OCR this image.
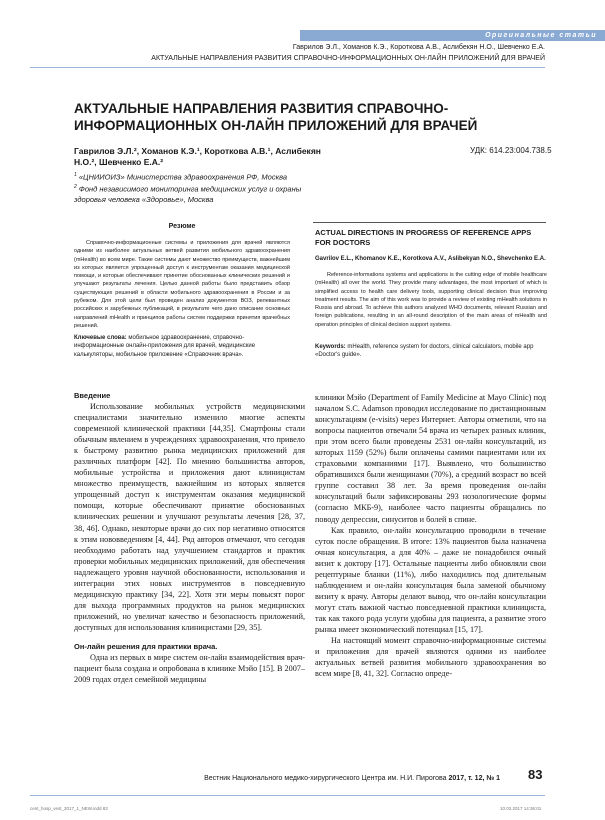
Оригинальные статьи
Гаврилов Э.Л., Хоманов К.Э., Короткова А.В., Аслибекян Н.О., Шевченко Е.А.
АКТУАЛЬНЫЕ НАПРАВЛЕНИЯ РАЗВИТИЯ СПРАВОЧНО-ИНФОРМАЦИОННЫХ ОН-ЛАЙН ПРИЛОЖЕНИЙ ДЛЯ ВРАЧЕЙ
АКТУАЛЬНЫЕ НАПРАВЛЕНИЯ РАЗВИТИЯ СПРАВОЧНО-ИНФОРМАЦИОННЫХ ОН-ЛАЙН ПРИЛОЖЕНИЙ ДЛЯ ВРАЧЕЙ
Гаврилов Э.Л.², Хоманов К.Э.¹, Короткова А.В.¹, Аслибекян Н.О.², Шевченко Е.А.²
УДК: 614.23:004.738.5
$^1$ «ЦНИИОИЗ» Министерства здравоохранения РФ, Москва
$^2$ Фонд независимого мониторинга медицинских услуг и охраны здоровья человека «Здоровье», Москва
Резюме

Справочно-информационные системы и приложения для врачей являются одними из наиболее актуальных ветвей развития мобильного здравоохранения (mHealth) во всем мире. Такие системы дают множество преимуществ, важнейшим из которых является упрощенный доступ к инструментам оказания медицинской помощи, и которые обеспечивают принятие обоснованных клинических решений и улучшают результаты лечения. Целью данной работы было представить обзор существующих решений в области мобильного здравоохранения в России и за рубежом. Для этой цели был проведен анализ документов ВОЗ, релевантных российских и зарубежных публикаций, в результате чего дано описание основных направлений mHealth и принципов работы систем поддержки принятия врачебных решений.

Ключевые слова: мобильное здравоохранение, справочно-информационные онлайн-приложения для врачей, медицинские калькуляторы, мобильное приложение «Справочник врача».
ACTUAL DIRECTIONS IN PROGRESS OF REFERENCE APPS FOR DOCTORS
Gavrilov E.L., Khomanov K.E., Korotkova A.V., Aslibekyan N.O., Shevchenko E.A.

Reference-informations systems and applications is the cutting edge of mobile healthcare (mHealth) all over the world. They provide many advantages, the most important of which is simplified access to health care delivery tools, supporting clinical decision thus improving treatment results. The aim of this work was to provide a review of existing mHealth solutions in Russia and abroad. To achieve this authors analyzed WHO documents, relevant Russian and foreign publications, resulting in an all-round description of the main areas of mHealth and operation principles of clinical decision support systems.

Keywords: mHealth, reference system for doctors, clinical calculators, mobile app «Doctor's guide».
Введение

Использование мобильных устройств медицинскими специалистами значительно изменило многие аспекты современной клинической практики [44,35]. Смартфоны стали обычным явлением в учреждениях здравоохранения, что привело к быстрому развитию рынка медицинских приложений для различных платформ [42]. По мнению большинства авторов, мобильные устройства и приложения дают клиницистам множество преимуществ, важнейшим из которых является упрощенный доступ к инструментам оказания медицинской помощи, которые обеспечивают принятие обоснованных клинических решении и улучшают результаты лечения [28, 37, 38, 46]. Однако, некоторые врачи до сих пор негативно относятся к этим нововведениям [4, 44]. Ряд авторов отмечают, что сегодня необходимо работать над улучшением стандартов и практик проверки мобильных медицинских приложений, для обеспечения надлежащего уровня научной обоснованности, использования и интеграции этих новых инструментов в повседневную медицинскую практику [34, 22]. Хотя эти меры повысят порог для выхода программных продуктов на рынок медицинских приложений, но увеличат качество и безопасность приложений, доступных для использования клиницистами [29, 35].

Он-лайн решения для практики врача.

Одна из первых в мире систем он-лайн взаимодействия врач-пациент была создана и опробована в клинике Мэйо [15]. В 2007–2009 годах отдел семейной медицины

клиники Мэйо (Department of Family Medicine at Mayo Clinic) под началом S.C. Adamson проводил исследование по дистанционным консультациям (e-visits) через Интернет. Авторы отметили, что на вопросы пациентов отвечали 54 врача из четырех разных клиник, при этом всего были проведены 2531 он-лайн консультаций, из которых 1159 (52%) были оплачены самими пациентами или их страховыми компаниями [17]. Выявлено, что большинство обратившихся были женщинами (70%), а средний возраст во всей группе составил 38 лет. За время проведения он-лайн консультаций были зафиксированы 293 нозологические формы (согласно МКБ-9), наиболее часто пациенты обращались по поводу депрессии, синуситов и болей в спине.

Как правило, он-лайн консультацию проводили в течение суток после обращения. В итоге: 13% пациентов была назначена очная консультация, а для 40% – даже не понадобился очный визит к доктору [17]. Остальные пациенты либо обновляли свои рецептурные бланки (11%), либо находились под длительным наблюдением и он-лайн консультация была заменой обычному визиту к врачу. Авторы делают вывод, что он-лайн консультации могут стать важной частью повседневной практики клинициста, так как такого рода услуги удобны для пациента, а развитие этого рынка имеет экономический потенциал [15, 17].

На настоящий момент справочно-информационные системы и приложения для врачей являются одними из наиболее актуальных ветвей развития мобильного здравоохранения во всем мире [8, 41, 32]. Согласно опреде-

Вестник Национального медико-хирургического Центра им. Н.И. Пирогова 2017, т. 12, № 1 83
cent_hosp_vest_2017_1_NEW.indd 83	10.02.2017 14:36:01
